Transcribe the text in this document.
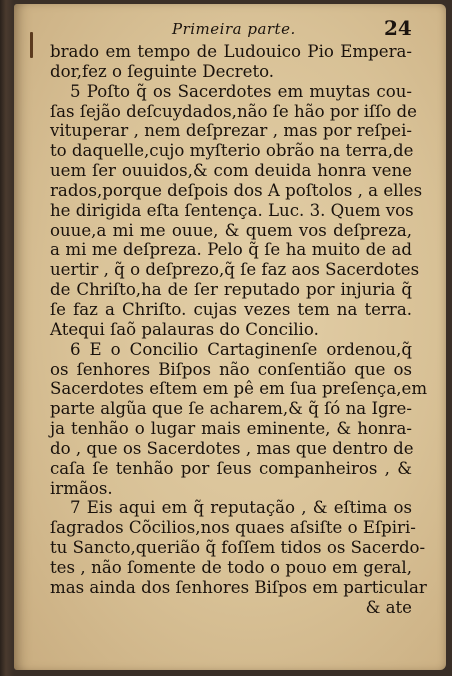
Primeira parte.	24
brado em tempo de Ludouico Pio Empera-
dor,fez o ſeguinte Decreto.
5 Poſto q̃ os Sacerdotes em muytas cou-
ſas ſejão deſcuydados,não ſe hão por iſſo de
vituperar , nem deſprezar , mas por reſpei-
to daquelle,cujo myſterio obrão na terra,de
uem ſer ouuidos,& com deuida honra vene
rados,porque deſpois dos A poſtolos , a elles
he dirigida eſta ſentença. Luc. 3. Quem vos
ouue,a mi me ouue, & quem vos deſpreza,
a mi me deſpreza. Pelo q̃ ſe ha muito de ad
uertir , q̃ o deſprezo,q̃ ſe faz aos Sacerdotes
de Chriſto,ha de ſer reputado por injuria q̃
ſe faz a Chriſto. cujas vezes tem na terra.
Atequi ſaõ palauras do Concilio.
6 E o Concilio Cartaginenſe ordenou,q̃
os ſenhores Biſpos não conſentião que os
Sacerdotes eſtem em pê em ſua preſença,em
parte algũa que ſe acharem,& q̃ ſó na Igre-
ja tenhão o lugar mais eminente, & honra-
do , que os Sacerdotes , mas que dentro de
caſa ſe tenhão por ſeus companheiros , &
irmãos.
7 Eis aqui em q̃ reputação , & eſtima os
ſagrados Cõcilios,nos quaes aſsiſte o Eſpiri-
tu Sancto,querião q̃ foſſem tidos os Sacerdo-
tes , não ſomente de todo o pouo em geral,
mas ainda dos ſenhores Biſpos em particular
& ate
